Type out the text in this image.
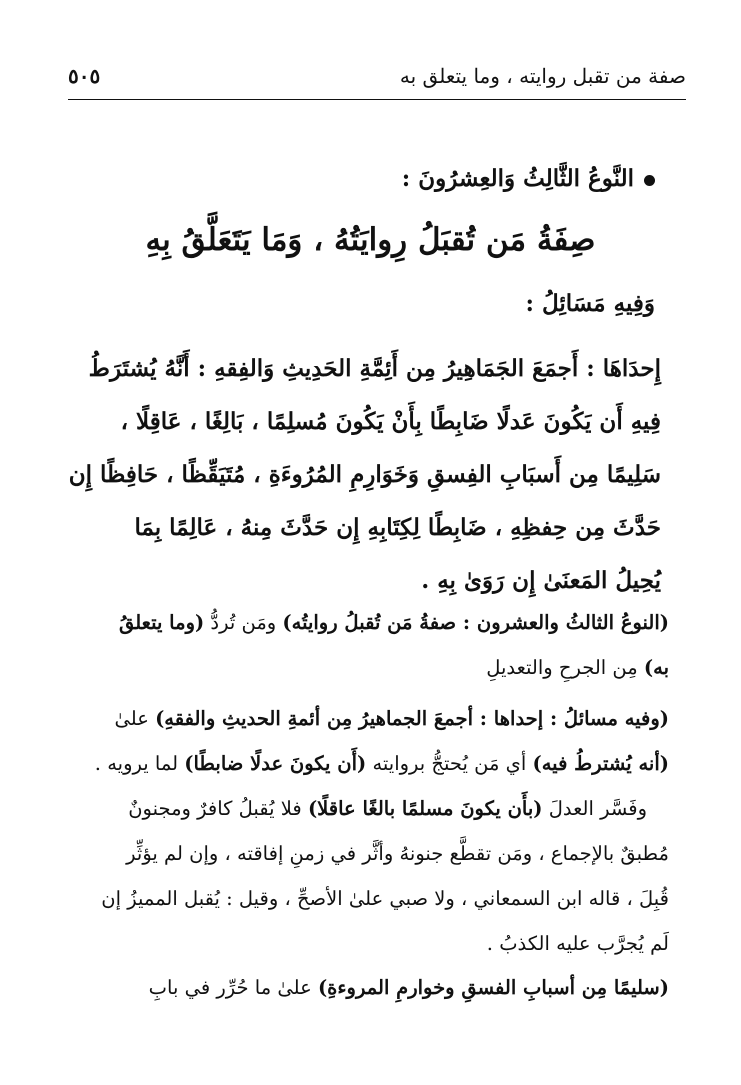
صفة من تقبل روايته ، وما يتعلق به
٥٠٥
النَّوعُ الثَّالِثُ وَالعِشرُونَ :
صِفَةُ مَن تُقبَلُ رِوايَتُهُ ، وَمَا يَتَعَلَّقُ بِهِ
وَفِيهِ مَسَائِلُ :
إِحدَاهَا : أَجمَعَ الجَمَاهِيرُ مِن أَئِمَّةِ الحَدِيثِ وَالفِقهِ : أَنَّهُ يُشتَرَطُ
فِيهِ أَن يَكُونَ عَدلًا ضَابِطًا بِأَنْ يَكُونَ مُسلِمًا ، بَالِغًا ، عَاقِلًا ،
سَلِيمًا مِن أَسبَابِ الفِسقِ وَخَوَارِمِ المُرُوءَةِ ، مُتَيَقِّظًا ، حَافِظًا إِن
حَدَّثَ مِن حِفظِهِ ، ضَابِطًا لِكِتَابِهِ إِن حَدَّثَ مِنهُ ، عَالِمًا بِمَا
يُحِيلُ المَعنَىٰ إِن رَوَىٰ بِهِ .
(النوعُ الثالثُ والعشرون : صفةُ مَن تُقبلُ روايتُه) ومَن تُردُّ (وما يتعلقُ
به) مِن الجرحِ والتعديلِ
(وفيه مسائلُ : إحداها : أجمعَ الجماهيرُ مِن أئمةِ الحديثِ والفقهِ) علىٰ
(أنه يُشترطُ فيه) أي مَن يُحتجُّ بروايته (أَن يكونَ عدلًا ضابطًا) لما يرويه .
وفَسَّر العدلَ (بأَن يكونَ مسلمًا بالغًا عاقلًا) فلا يُقبلُ كافرٌ ومجنونٌ
مُطبقٌ بالإجماع ، ومَن تقطَّع جنونهُ وأثَّر في زمنِ إفاقته ، وإن لم يؤثِّر
قُبِلَ ، قاله ابن السمعاني ، ولا صبي علىٰ الأصحِّ ، وقيل : يُقبل المميزُ إن
لَم يُجرَّب عليه الكذبُ .
(سليمًا مِن أسبابِ الفسقِ وخوارمِ المروءةِ) علىٰ ما حُرِّر في بابِ
